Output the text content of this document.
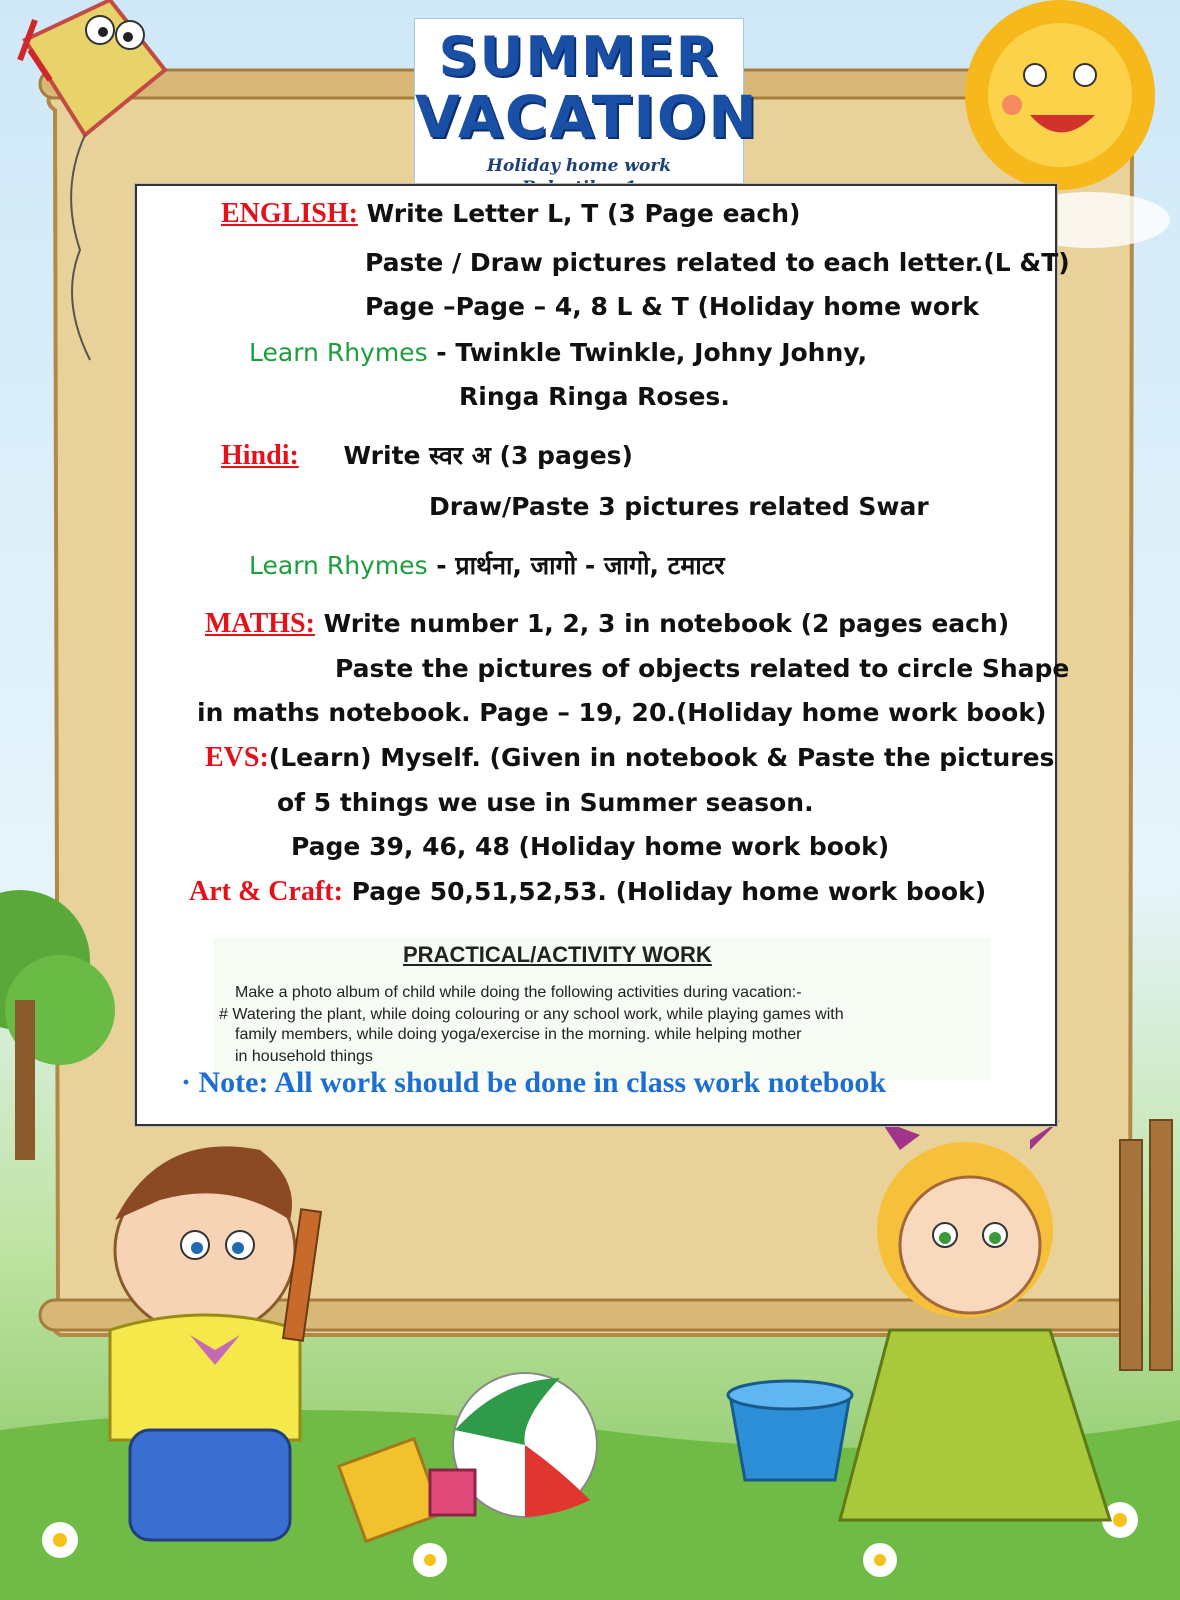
SUMMER
VACATION
Holiday home work
ENGLISH: Write Letter L, T (3 Page each)
Paste / Draw pictures related to each letter.(L &T)
Page –Page – 4, 8 L & T (Holiday home work
Learn Rhymes - Twinkle Twinkle, Johny Johny,
Ringa Ringa Roses.
Hindi: Write स्वर अ (3 pages)
Draw/Paste 3 pictures related Swar
Learn Rhymes - प्रार्थना, जागो - जागो, टमाटर
MATHS: Write number 1, 2, 3 in notebook (2 pages each)
Paste the pictures of objects related to circle Shape
in maths notebook. Page – 19, 20.(Holiday home work book)
EVS:(Learn) Myself. (Given in notebook & Paste the pictures
of 5 things we use in Summer season.
Page 39, 46, 48 (Holiday home work book)
Art & Craft: Page 50,51,52,53. (Holiday home work book)
PRACTICAL/ACTIVITY WORK
Make a photo album of child while doing the following activities during vacation:-
# Watering the plant, while doing colouring or any school work, while playing games with
family members, while doing yoga/exercise in the morning. while helping mother
in household things
· Note: All work should be done in class work notebook
